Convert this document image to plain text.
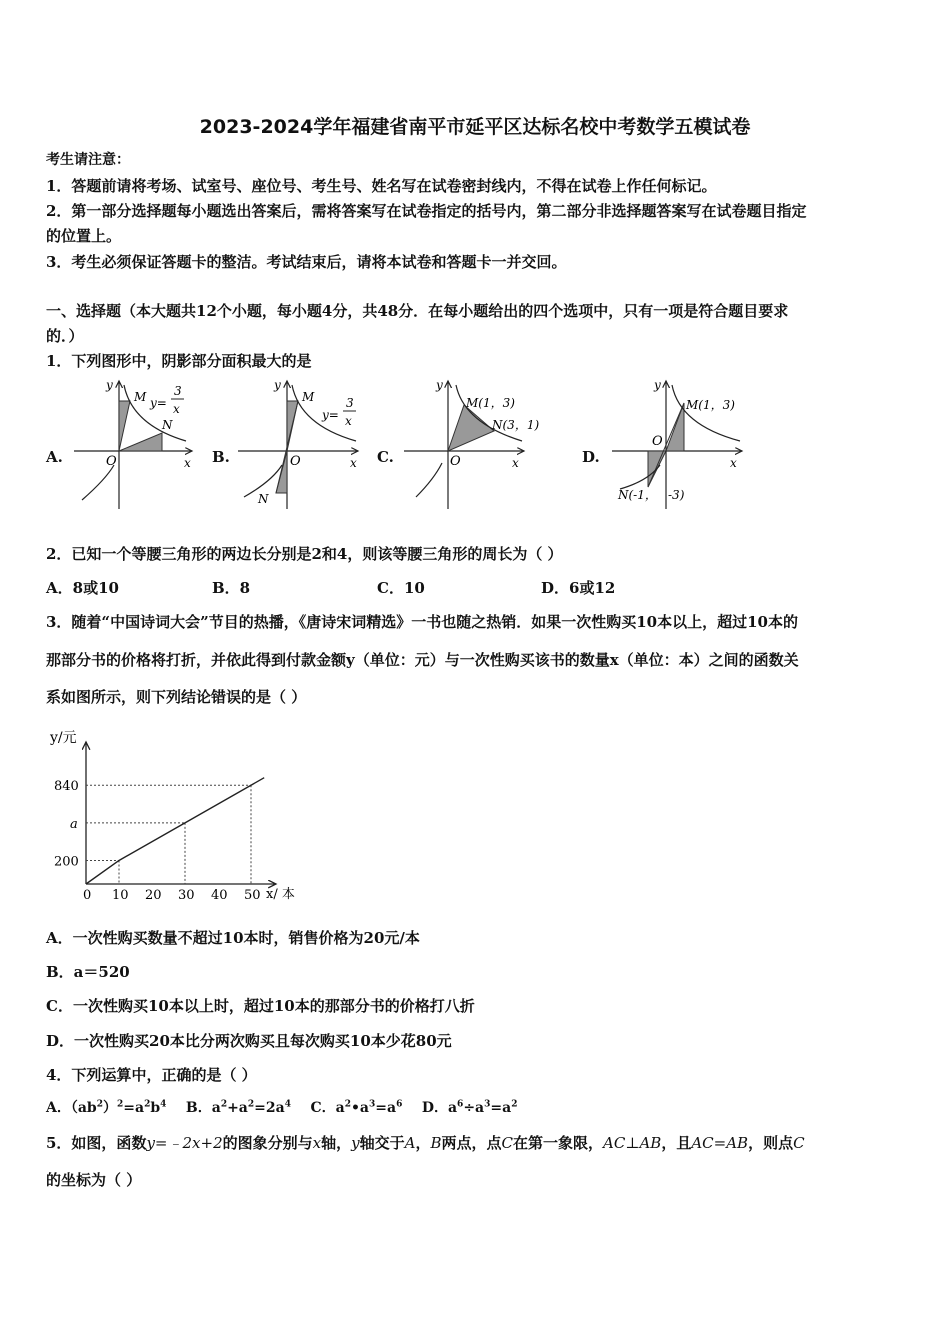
2023-2024学年福建省南平市延平区达标名校中考数学五模试卷
考生请注意：
1．答题前请将考场、试室号、座位号、考生号、姓名写在试卷密封线内，不得在试卷上作任何标记。
2．第一部分选择题每小题选出答案后，需将答案写在试卷指定的括号内，第二部分非选择题答案写在试卷题目指定
的位置上。
3．考生必须保证答题卡的整洁。考试结束后，请将本试卷和答题卡一并交回。
一、选择题（本大题共12个小题，每小题4分，共48分．在每小题给出的四个选项中，只有一项是符合题目要求
的．）
1．下列图形中，阴影部分面积最大的是
A.	B.	C.	D.
y
x
O
M
N
y=
3
x
y
x
O
M
N
y=
3
x
y
x
O
M(1，3)
N(3，1)
y
x
O
M(1，3)
N(-1， -3)
2．已知一个等腰三角形的两边长分别是2和4，则该等腰三角形的周长为（ ）
A．8或10	B．8	C．10	D．6或12
3．随着“中国诗词大会”节目的热播，《唐诗宋词精选》一书也随之热销．如果一次性购买10本以上，超过10本的
那部分书的价格将打折，并依此得到付款金额y（单位：元）与一次性购买该书的数量x（单位：本）之间的函数关
系如图所示，则下列结论错误的是（ ）
y/元
x/ 本
0 10 20 30 40 50
200
a
840
A．一次性购买数量不超过10本时，销售价格为20元/本
B．a＝520
C．一次性购买10本以上时，超过10本的那部分书的价格打八折
D．一次性购买20本比分两次购买且每次购买10本少花80元
4．下列运算中，正确的是（ ）
A．$(ab^2)^2=a^2b^4$ B．$a^2+a^2=2a^4$ C．$a^2•a^3=a^6$ D．$a^6\div a^3=a^2$
5．如图，函数y=﹣2x+2的图象分别与x轴，y轴交于A，B两点，点C在第一象限，AC⊥AB，且AC=AB，则点C
的坐标为（ ）
